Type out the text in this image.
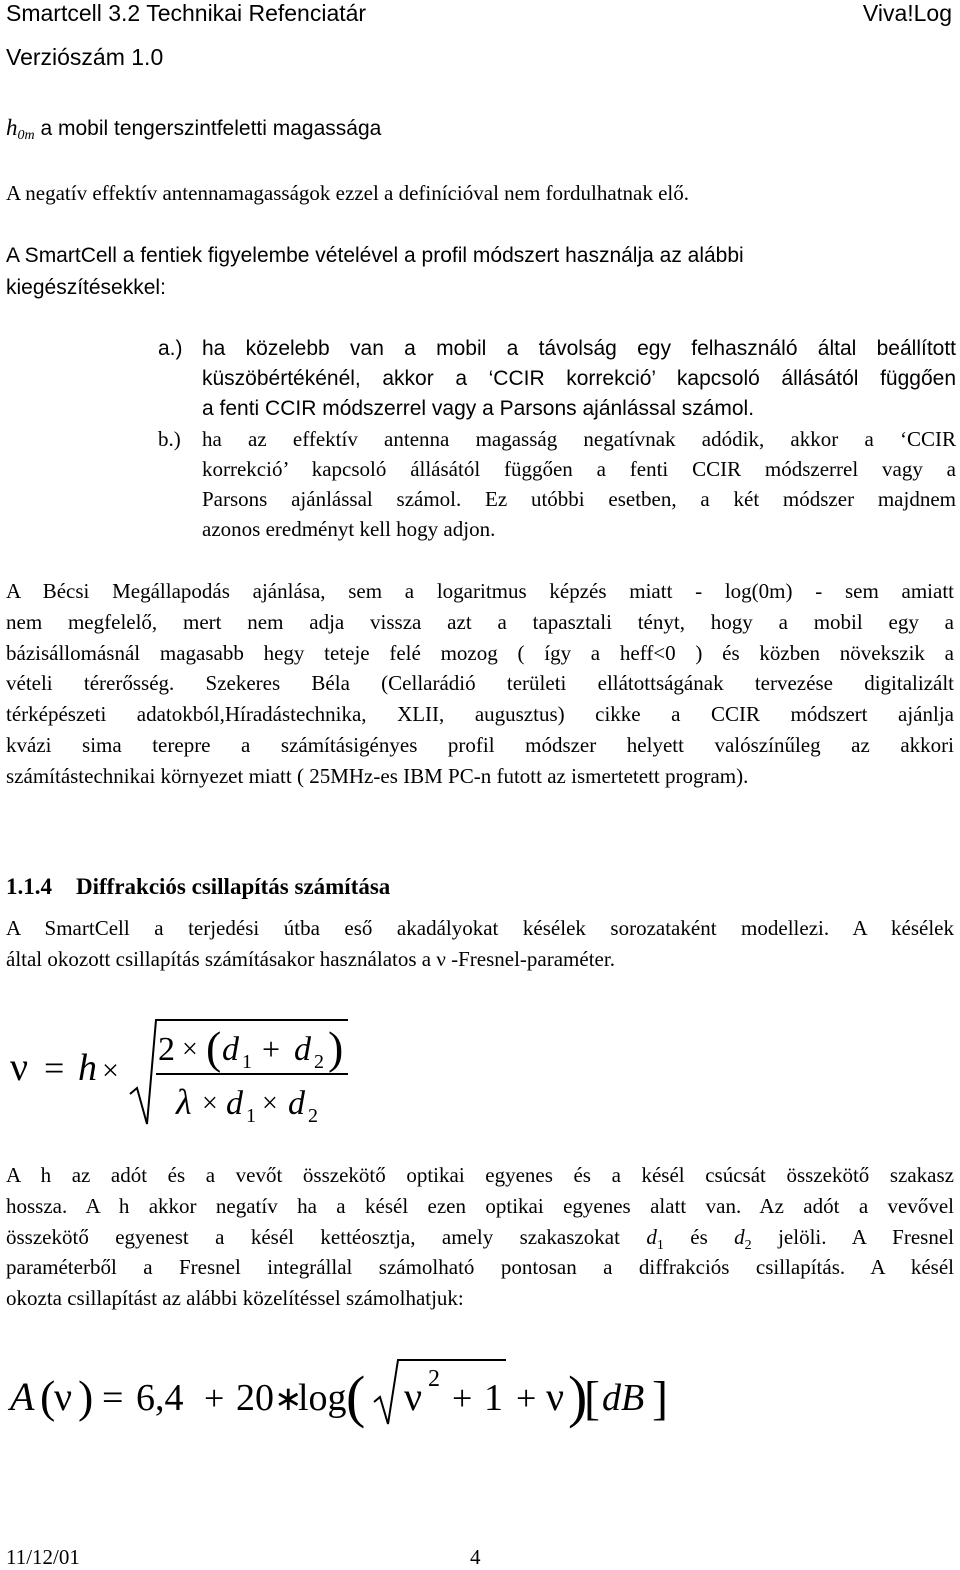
Smartcell 3.2 Technikai Refenciatár	Viva!Log
Verziószám 1.0
$h_{0m}$ a mobil tengerszintfeletti magassága
A negatív effektív antennamagasságok ezzel a definícióval nem fordulhatnak elő.
A SmartCell a fentiek figyelembe vételével a profil módszert használja az alábbi kiegészítésekkel:
a.) ha közelebb van a mobil a távolság egy felhasználó által beállított
küszöbértékénél, akkor a ‘CCIR korrekció’ kapcsoló állásától függően
a fenti CCIR módszerrel vagy a Parsons ajánlással számol.
b.) ha az effektív antenna magasság negatívnak adódik, akkor a ‘CCIR
korrekció’ kapcsoló állásától függően a fenti CCIR módszerrel vagy a
Parsons ajánlással számol. Ez utóbbi esetben, a két módszer majdnem
azonos eredményt kell hogy adjon.
A Bécsi Megállapodás ajánlása, sem a logaritmus képzés miatt - log(0m) - sem amiatt
nem megfelelő, mert nem adja vissza azt a tapasztali tényt, hogy a mobil egy a
bázisállomásnál magasabb hegy teteje felé mozog ( így a heff<0 ) és közben növekszik a
vételi térerősség. Szekeres Béla (Cellarádió területi ellátottságának tervezése digitalizált
térképészeti adatokból,Híradástechnika, XLII, augusztus) cikke a CCIR módszert ajánlja
kvázi sima terepre a számításigényes profil módszer helyett valószínűleg az akkori
számítástechnikai környezet miatt ( 25MHz-es IBM PC-n futott az ismertetett program).
1.1.4 Diffrakciós csillapítás számítása
A SmartCell a terjedési útba eső akadályokat késélek sorozataként modellezi. A késélek
által okozott csillapítás számításakor használatos a ν -Fresnel-paraméter.
ν = h ×
2 × ( d 1 + d 2 )
λ × d 1 × d 2
A h az adót és a vevőt összekötő optikai egyenes és a késél csúcsát összekötő szakasz
hossza. A h akkor negatív ha a késél ezen optikai egyenes alatt van. Az adót a vevővel
összekötő egyenest a késél kettéosztja, amely szakaszokat $d_1$ és $d_2$ jelöli. A Fresnel
paraméterből a Fresnel integrállal számolható pontosan a diffrakciós csillapítás. A késél
okozta csillapítást az alábbi közelítéssel számolhatjuk:
A (
ν ) = 6,4 + 20 ∗
log ( ν 2 + 1 + ν )
[ dB ]
11/12/01	4
